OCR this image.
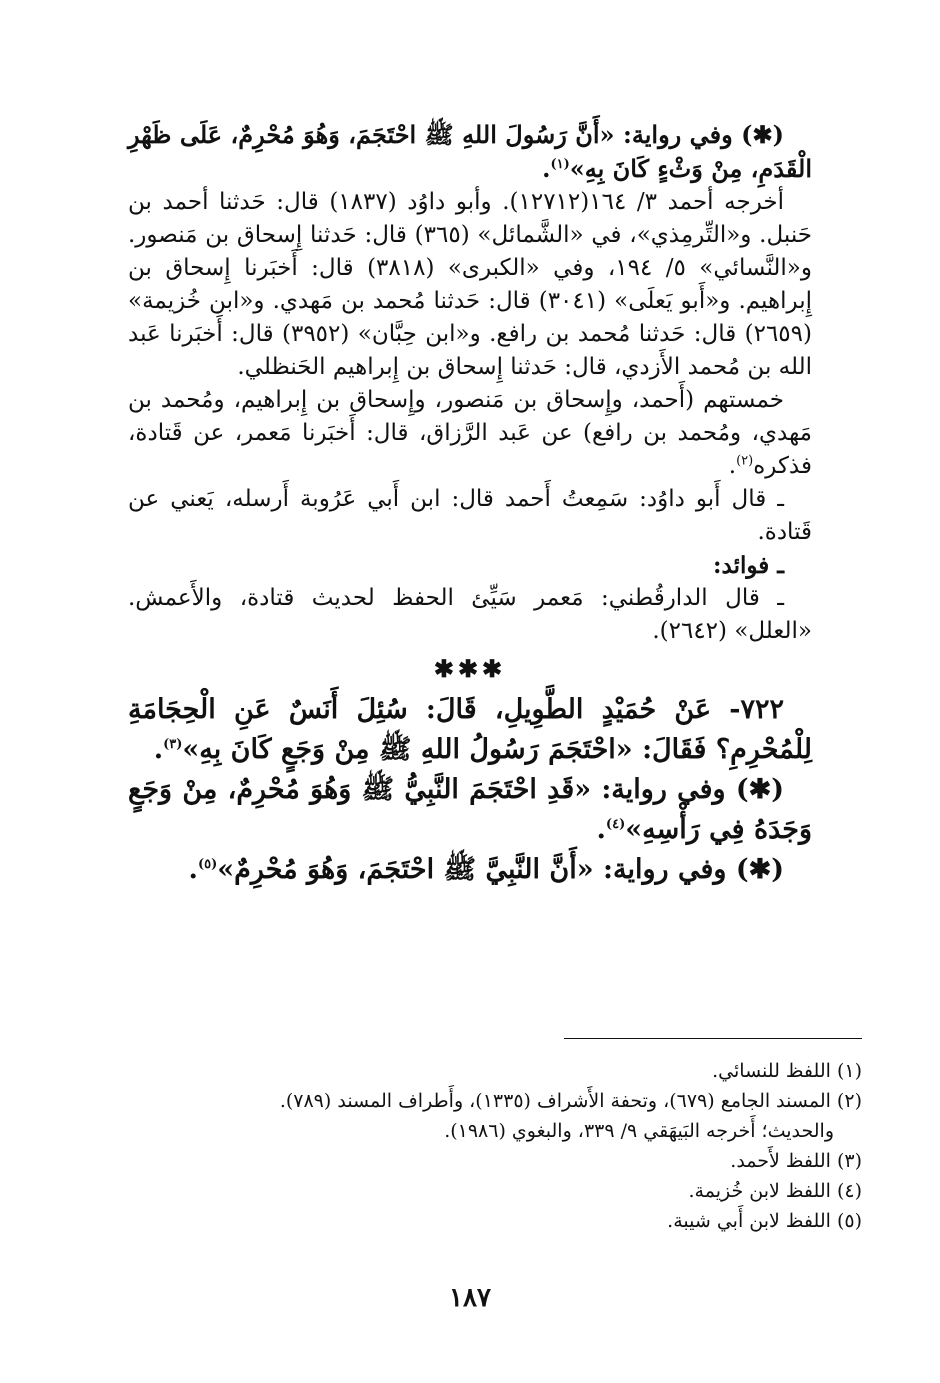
(✱) وفي رواية: «أَنَّ رَسُولَ اللهِ ﷺ احْتَجَمَ، وَهُوَ مُحْرِمٌ، عَلَى ظَهْرِ الْقَدَمِ، مِنْ وَثْءٍ كَانَ بِهِ»$^{(١)}$.

أخرجه أحمد ٣/ ١٦٤(١٢٧١٢). وأبو داوُد (١٨٣٧) قال: حَدثنا أحمد بن حَنبل. و«التِّرمِذي»، في «الشَّمائل» (٣٦٥) قال: حَدثنا إِسحاق بن مَنصور. و«النَّسائي» ٥/ ١٩٤، وفي «الكبرى» (٣٨١٨) قال: أَخبَرنا إِسحاق بن إِبراهيم. و«أَبو يَعلَى» (٣٠٤١) قال: حَدثنا مُحمد بن مَهدي. و«ابن خُزيمة» (٢٦٥٩) قال: حَدثنا مُحمد بن رافع. و«ابن حِبَّان» (٣٩٥٢) قال: أَخبَرنا عَبد الله بن مُحمد الأَزدي، قال: حَدثنا إِسحاق بن إِبراهيم الحَنظلي.

خمستهم (أَحمد، وإِسحاق بن مَنصور، وإِسحاق بن إِبراهيم، ومُحمد بن مَهدي، ومُحمد بن رافع) عن عَبد الرَّزاق، قال: أَخبَرنا مَعمر، عن قَتادة، فذكره$^{(٢)}$.

ـ قال أَبو داوُد: سَمِعتُ أَحمد قال: ابن أَبي عَرُوبة أَرسله، يَعني عن قَتادة.

ـ فوائد:

ـ قال الدارقُطني: مَعمر سَيِّئ الحفظ لحديث قتادة، والأَعمش. «العلل» (٢٦٤٢).

✱✱✱

٧٢٢- عَنْ حُمَيْدٍ الطَّوِيلِ، قَالَ: سُئِلَ أَنَسٌ عَنِ الْحِجَامَةِ لِلْمُحْرِمِ؟ فَقَالَ: «احْتَجَمَ رَسُولُ اللهِ ﷺ مِنْ وَجَعٍ كَانَ بِهِ»$^{(٣)}$.

(✱) وفي رواية: «قَدِ احْتَجَمَ النَّبِيُّ ﷺ وَهُوَ مُحْرِمٌ، مِنْ وَجَعٍ وَجَدَهُ فِي رَأْسِهِ»$^{(٤)}$.

(✱) وفي رواية: «أَنَّ النَّبِيَّ ﷺ احْتَجَمَ، وَهُوَ مُحْرِمٌ»$^{(٥)}$.

(١) اللفظ للنسائي.

(٢) المسند الجامع (٦٧٩)، وتحفة الأَشراف (١٣٣٥)، وأَطراف المسند (٧٨٩).

والحديث؛ أَخرجه البَيهَقي ٩/ ٣٣٩، والبغوي (١٩٨٦).

(٣) اللفظ لأَحمد.

(٤) اللفظ لابن خُزيمة.

(٥) اللفظ لابن أَبي شيبة.

١٨٧
